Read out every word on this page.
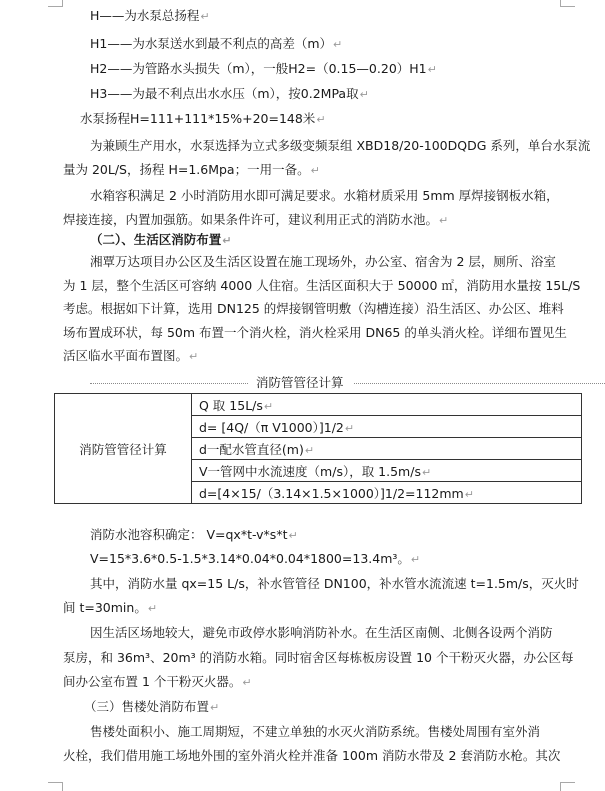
H——为水泵总扬程↵
H1——为水泵送水到最不利点的高差（m）↵
H2——为管路水头损失（m），一般H2=（0.15—0.20）H1↵
H3——为最不利点出水水压（m），按0.2MPa取↵
水泵扬程H=111+111*15%+20=148米↵
为兼顾生产用水，水泵选择为立式多级变频泵组 XBD18/20-100DQDG 系列，单台水泵流
量为 20L/S，扬程 H=1.6Mpa；一用一备。↵
水箱容积满足 2 小时消防用水即可满足要求。水箱材质采用 5mm 厚焊接钢板水箱，
焊接连接，内置加强筋。如果条件许可，建议利用正式的消防水池。↵
（二）、生活区消防布置↵
湘覃万达项目办公区及生活区设置在施工现场外，办公室、宿舍为 2 层，厕所、浴室
为 1 层，整个生活区可容纳 4000 人住宿。生活区面积大于 50000 ㎡，消防用水量按 15L/S
考虑。根据如下计算，选用 DN125 的焊接钢管明敷（沟槽连接）沿生活区、办公区、堆料
场布置成环状，每 50m 布置一个消火栓，消火栓采用 DN65 的单头消火栓。详细布置见生
活区临水平面布置图。↵
消防管管径计算
消防管管径计算	Q 取 15L/s↵
d= [4Q/（π V1000）]1/2↵
d一配水管直径(m)↵
V一管网中水流速度（m/s），取 1.5m/s↵
d=[4×15/（3.14×1.5×1000）]1/2=112mm↵
消防水池容积确定： V=qx*t-v*s*t↵
V=15*3.6*0.5-1.5*3.14*0.04*0.04*1800=13.4m³。↵
其中，消防水量 qx=15 L/s，补水管管径 DN100，补水管水流流速 t=1.5m/s，灭火时
间 t=30min。↵
因生活区场地较大，避免市政停水影响消防补水。在生活区南侧、北侧各设两个消防
泵房，和 36m³、20m³ 的消防水箱。同时宿舍区每栋板房设置 10 个干粉灭火器，办公区每
间办公室布置 1 个干粉灭火器。↵
（三）售楼处消防布置↵
售楼处面积小、施工周期短，不建立单独的水灭火消防系统。售楼处周围有室外消
火栓，我们借用施工场地外围的室外消火栓并准备 100m 消防水带及 2 套消防水枪。其次
